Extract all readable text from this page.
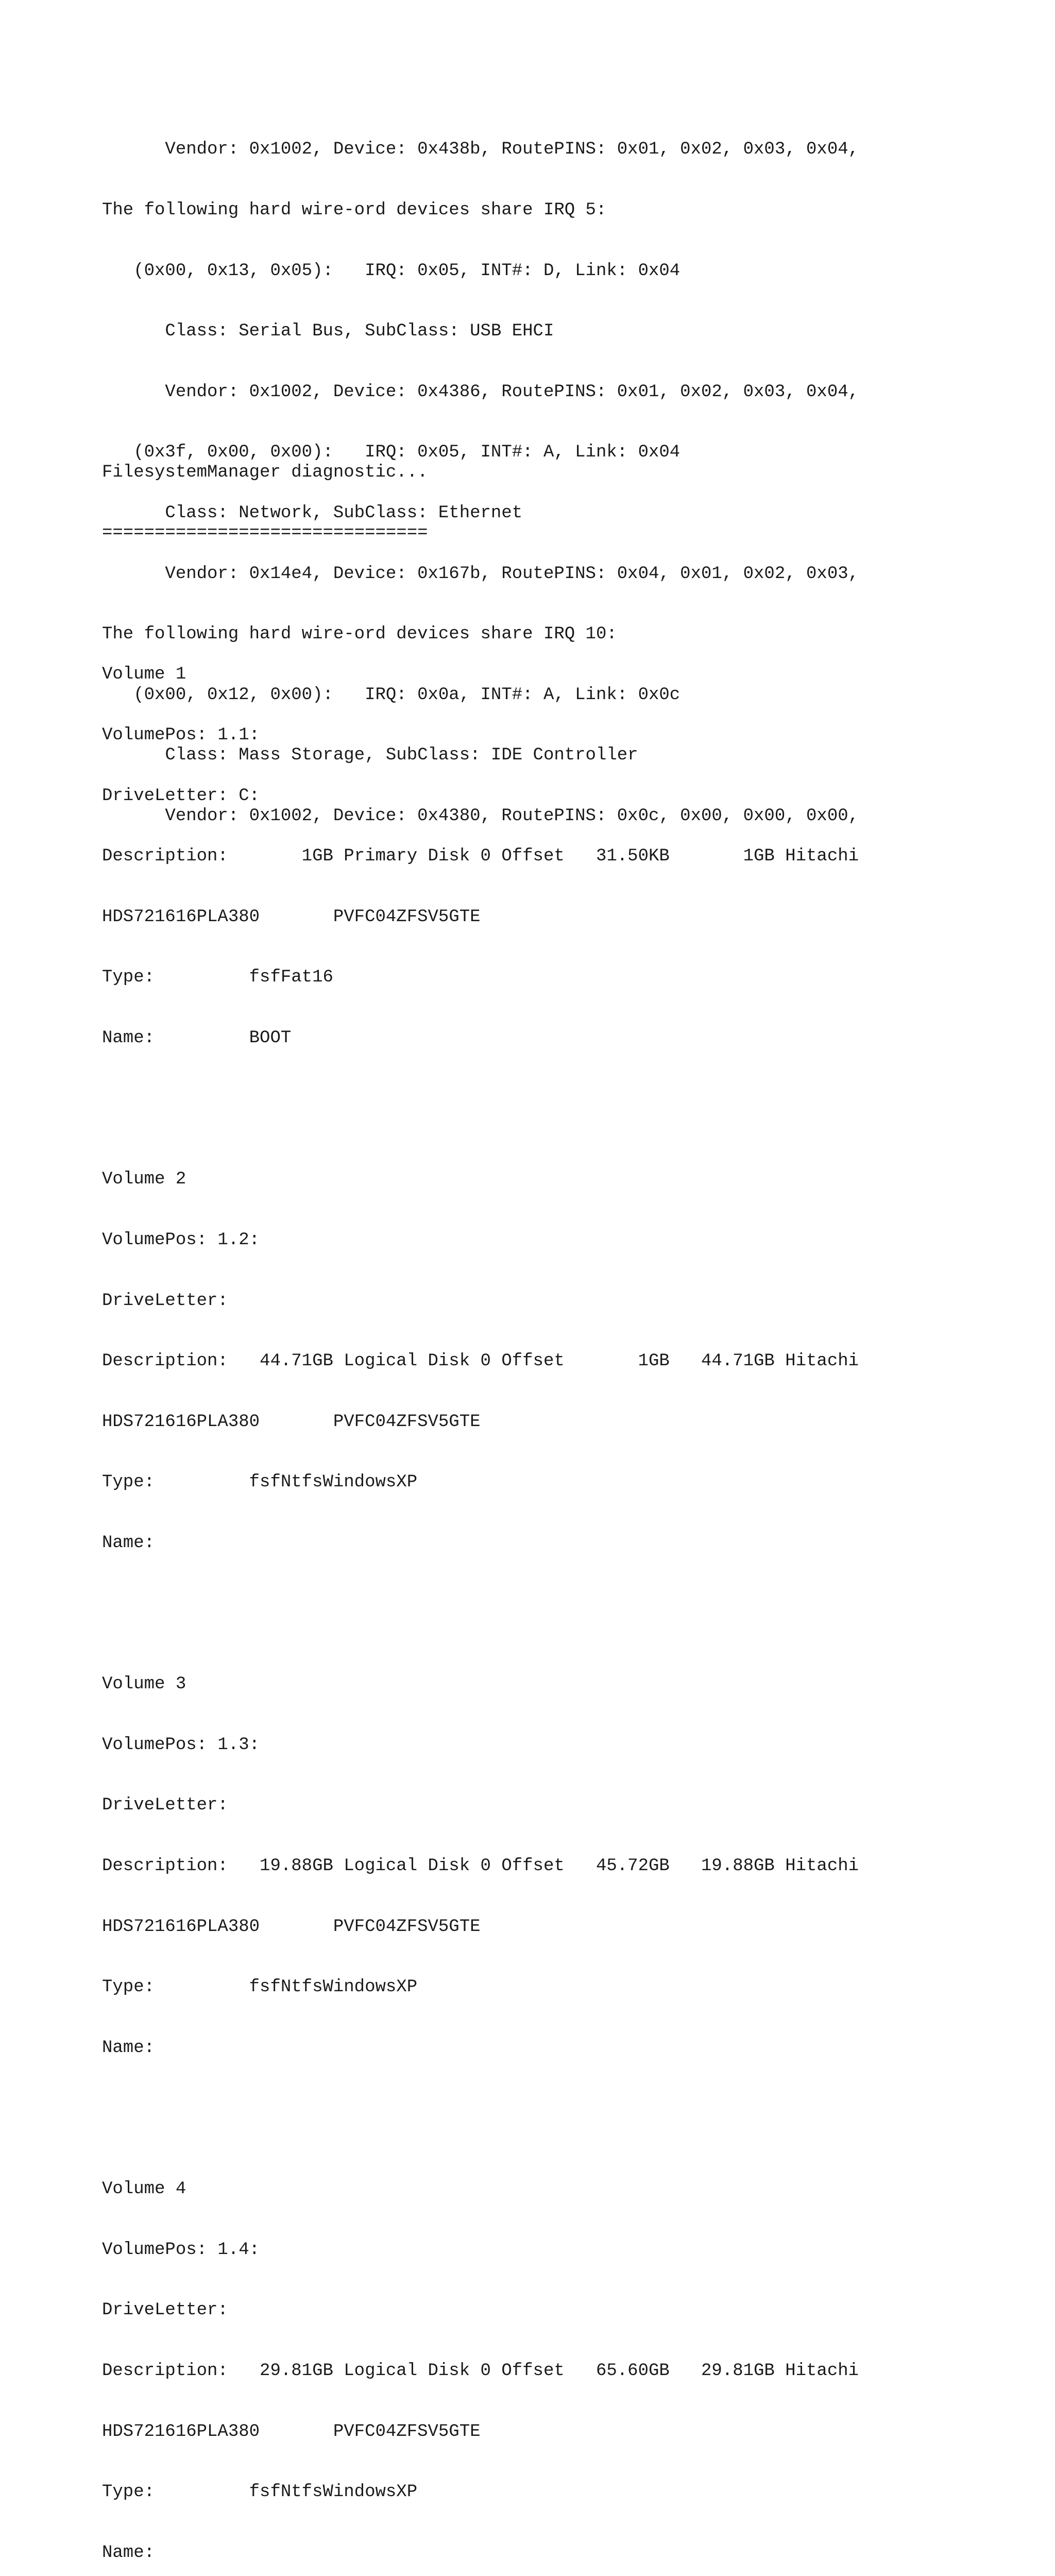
Vendor: 0x1002, Device: 0x438b, RoutePINS: 0x01, 0x02, 0x03, 0x04,

The following hard wire-ord devices share IRQ 5:

(0x00, 0x13, 0x05):   IRQ: 0x05, INT#: D, Link: 0x04

Class: Serial Bus, SubClass: USB EHCI

Vendor: 0x1002, Device: 0x4386, RoutePINS: 0x01, 0x02, 0x03, 0x04,

(0x3f, 0x00, 0x00):   IRQ: 0x05, INT#: A, Link: 0x04

Class: Network, SubClass: Ethernet

Vendor: 0x14e4, Device: 0x167b, RoutePINS: 0x04, 0x01, 0x02, 0x03,

The following hard wire-ord devices share IRQ 10:

(0x00, 0x12, 0x00):   IRQ: 0x0a, INT#: A, Link: 0x0c

Class: Mass Storage, SubClass: IDE Controller

Vendor: 0x1002, Device: 0x4380, RoutePINS: 0x0c, 0x00, 0x00, 0x00,

FilesystemManager diagnostic...

===============================

Volume 1

VolumePos: 1.1:

DriveLetter: C:

Description:       1GB Primary Disk 0 Offset   31.50KB       1GB Hitachi

HDS721616PLA380       PVFC04ZFSV5GTE

Type:         fsfFat16

Name:         BOOT

Volume 2

VolumePos: 1.2:

DriveLetter:

Description:   44.71GB Logical Disk 0 Offset       1GB   44.71GB Hitachi

HDS721616PLA380       PVFC04ZFSV5GTE

Type:         fsfNtfsWindowsXP

Name:

Volume 3

VolumePos: 1.3:

DriveLetter:

Description:   19.88GB Logical Disk 0 Offset   45.72GB   19.88GB Hitachi

HDS721616PLA380       PVFC04ZFSV5GTE

Type:         fsfNtfsWindowsXP

Name:

Volume 4

VolumePos: 1.4:

DriveLetter:

Description:   29.81GB Logical Disk 0 Offset   65.60GB   29.81GB Hitachi

HDS721616PLA380       PVFC04ZFSV5GTE

Type:         fsfNtfsWindowsXP

Name:
